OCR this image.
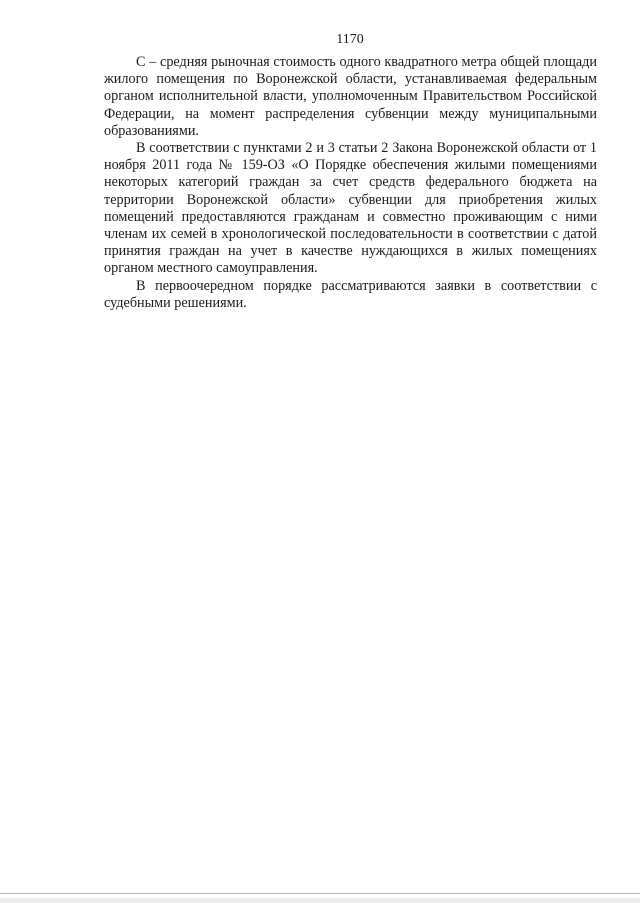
1170

С – средняя рыночная стоимость одного квадратного метра общей площади жилого помещения по Воронежской области, устанавливаемая федеральным органом исполнительной власти, уполномоченным Правительством Российской Федерации, на момент распределения субвенции между муниципальными образованиями.

В соответствии с пунктами 2 и 3 статьи 2 Закона Воронежской области от 1 ноября 2011 года № 159-ОЗ «О Порядке обеспечения жилыми помещениями некоторых категорий граждан за счет средств федерального бюджета на территории Воронежской области» субвенции для приобретения жилых помещений предоставляются гражданам и совместно проживающим с ними членам их семей в хронологической последовательности в соответствии с датой принятия граждан на учет в качестве нуждающихся в жилых помещениях органом местного самоуправления.

В первоочередном порядке рассматриваются заявки в соответствии с судебными решениями.
